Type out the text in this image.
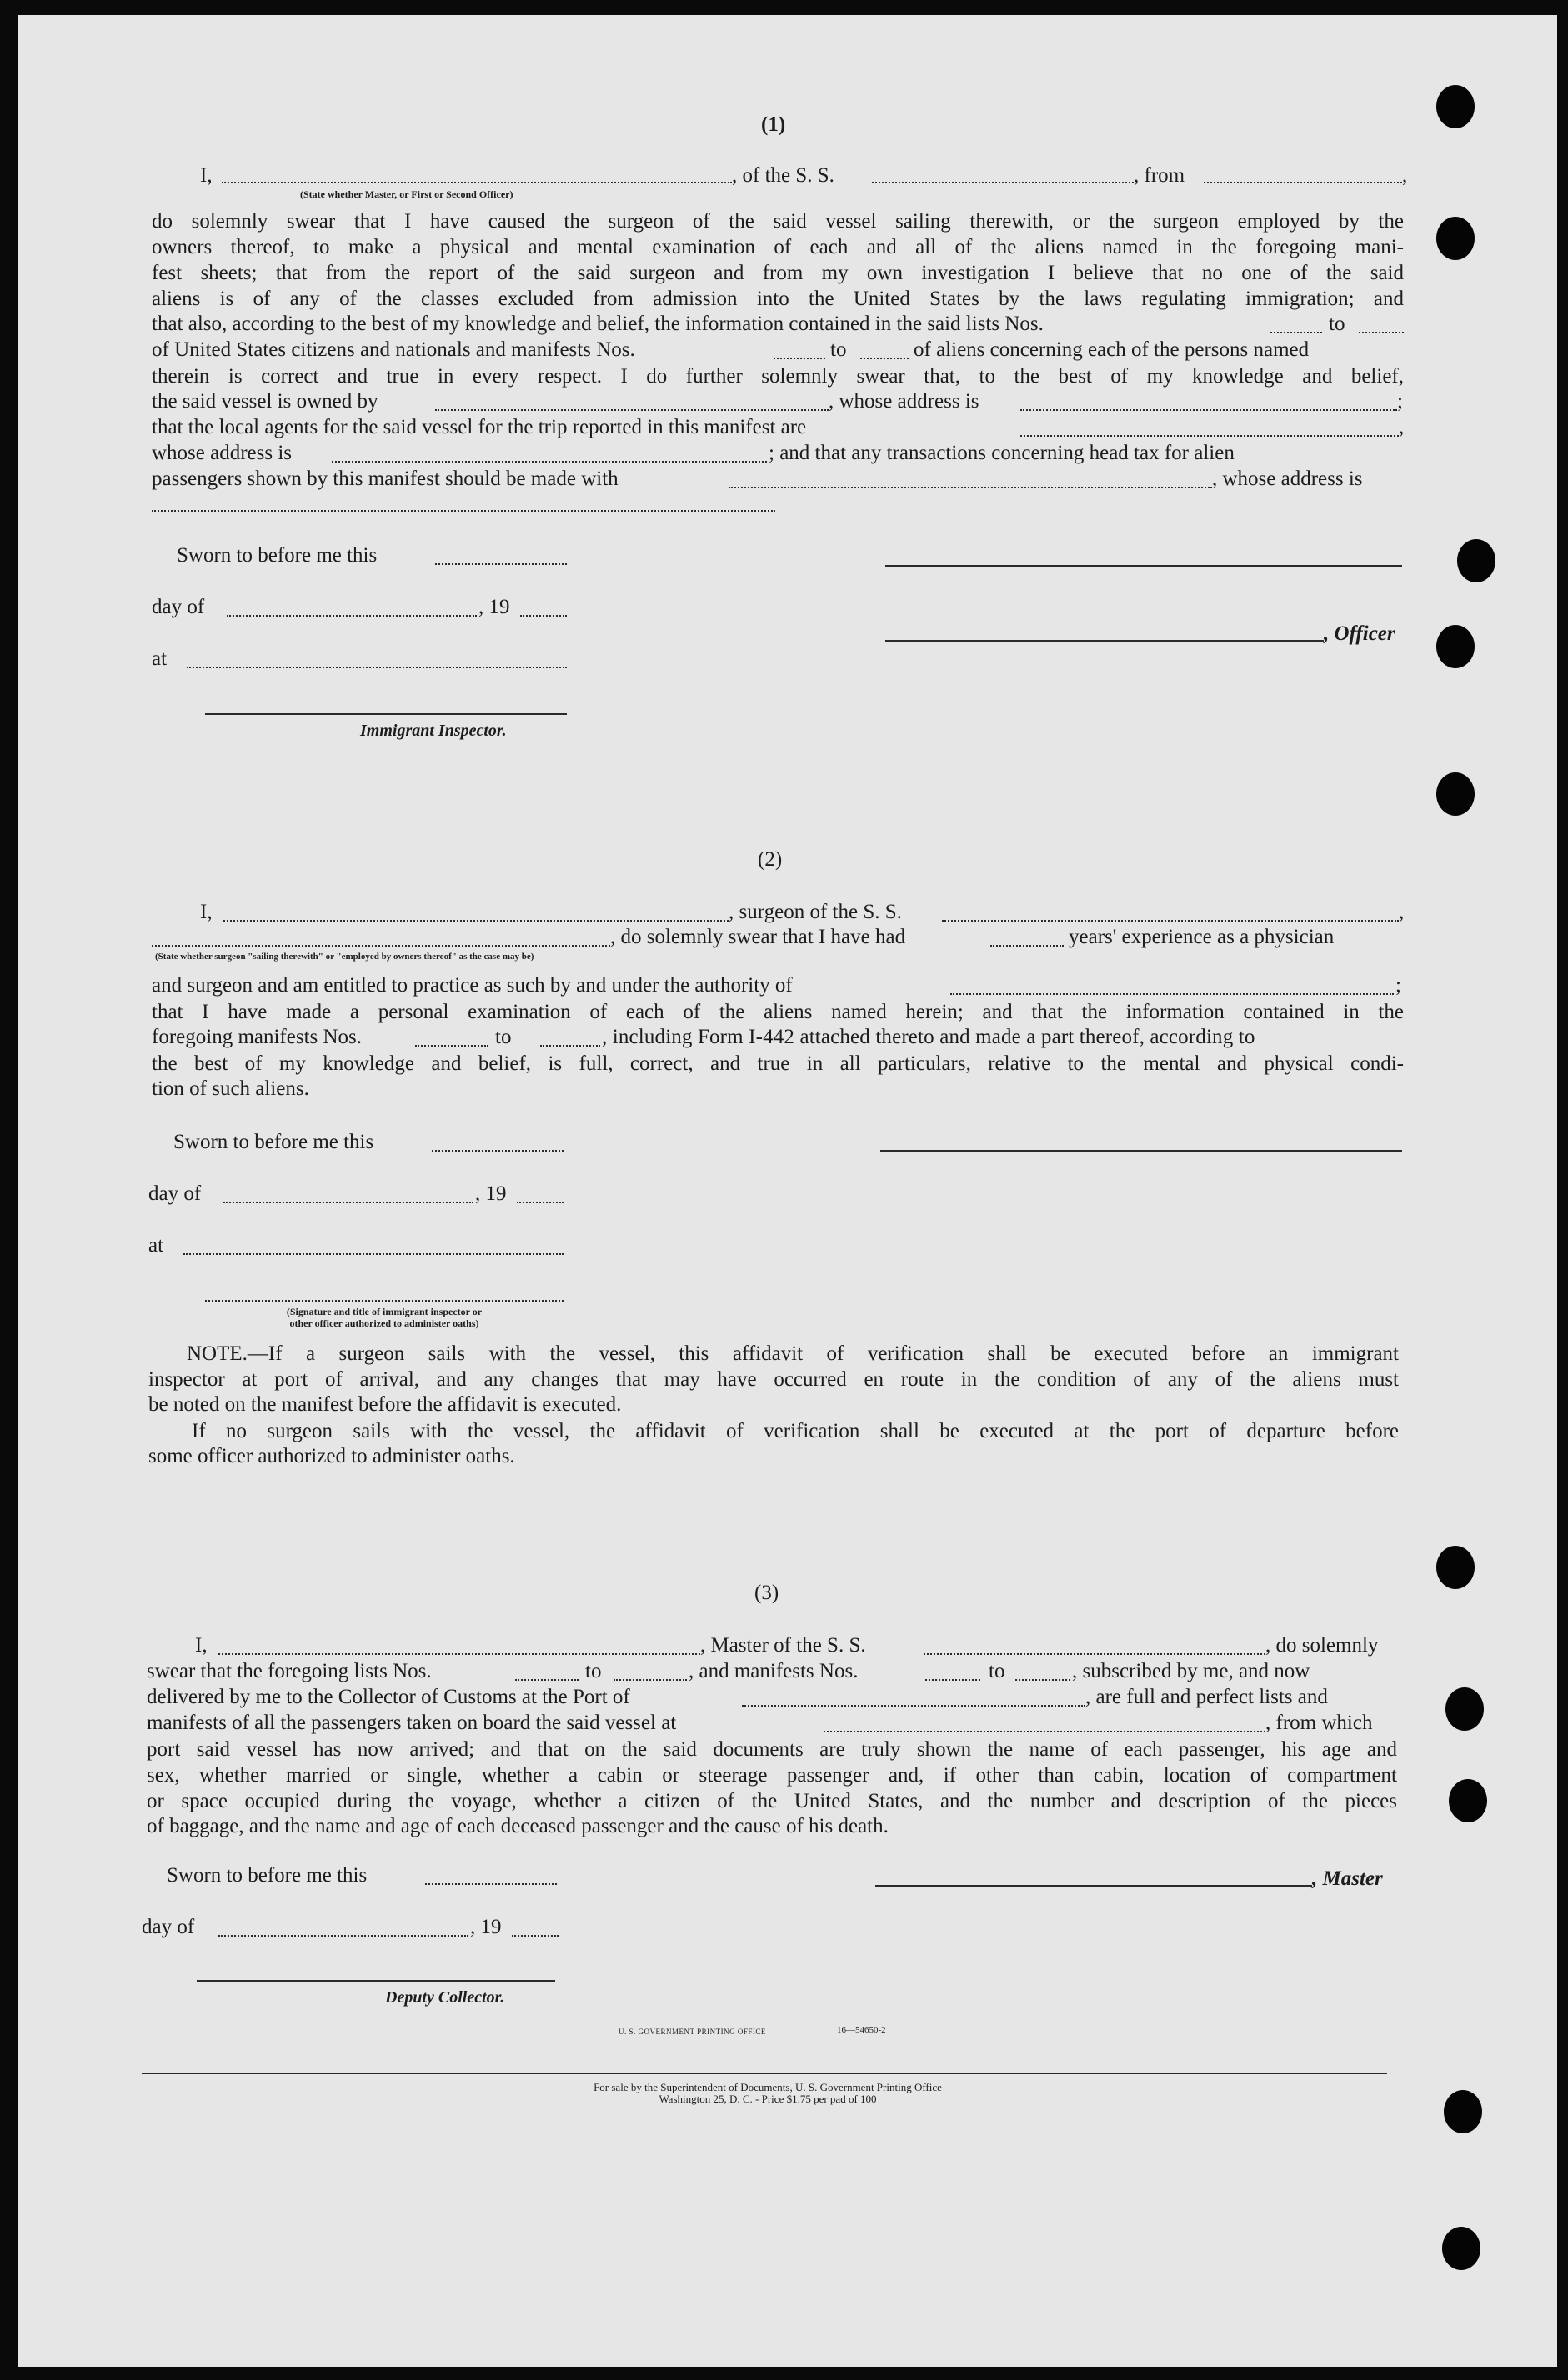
(1)
I,	, of the S. S.	, from	,
(State whether Master, or First or Second Officer)
do solemnly swear that I have caused the surgeon of the said vessel sailing therewith, or the surgeon employed by the
owners thereof, to make a physical and mental examination of each and all of the aliens named in the foregoing mani-
fest sheets; that from the report of the said surgeon and from my own investigation I believe that no one of the said
aliens is of any of the classes excluded from admission into the United States by the laws regulating immigration; and
that also, according to the best of my knowledge and belief, the information contained in the said lists Nos.	to
of United States citizens and nationals and manifests Nos.	to	of aliens concerning each of the persons named
therein is correct and true in every respect. I do further solemnly swear that, to the best of my knowledge and belief,
the said vessel is owned by	, whose address is	;
that the local agents for the said vessel for the trip reported in this manifest are	,
whose address is	; and that any transactions concerning head tax for alien
passengers shown by this manifest should be made with	, whose address is
Sworn to before me this
day of	, 19
, Officer
at
Immigrant Inspector.
(2)
I,	, surgeon of the S. S.	,
, do solemnly swear that I have had	years' experience as a physician
(State whether surgeon "sailing therewith" or "employed by owners thereof" as the case may be)
and surgeon and am entitled to practice as such by and under the authority of	;
that I have made a personal examination of each of the aliens named herein; and that the information contained in the
foregoing manifests Nos.	to	, including Form I-442 attached thereto and made a part thereof, according to
the best of my knowledge and belief, is full, correct, and true in all particulars, relative to the mental and physical condi-
tion of such aliens.
Sworn to before me this
day of	, 19
at
(Signature and title of immigrant inspector or
other officer authorized to administer oaths)
NOTE.—If a surgeon sails with the vessel, this affidavit of verification shall be executed before an immigrant
inspector at port of arrival, and any changes that may have occurred en route in the condition of any of the aliens must
be noted on the manifest before the affidavit is executed.
If no surgeon sails with the vessel, the affidavit of verification shall be executed at the port of departure before
some officer authorized to administer oaths.
(3)
I,	, Master of the S. S.	, do solemnly
swear that the foregoing lists Nos.	to	, and manifests Nos.	to	, subscribed by me, and now
delivered by me to the Collector of Customs at the Port of	, are full and perfect lists and
manifests of all the passengers taken on board the said vessel at	, from which
port said vessel has now arrived; and that on the said documents are truly shown the name of each passenger, his age and
sex, whether married or single, whether a cabin or steerage passenger and, if other than cabin, location of compartment
or space occupied during the voyage, whether a citizen of the United States, and the number and description of the pieces
of baggage, and the name and age of each deceased passenger and the cause of his death.
Sworn to before me this	, Master
day of	, 19
Deputy Collector.
U. S. GOVERNMENT PRINTING OFFICE	16—54650-2
For sale by the Superintendent of Documents, U. S. Government Printing Office
Washington 25, D. C. - Price $1.75 per pad of 100
